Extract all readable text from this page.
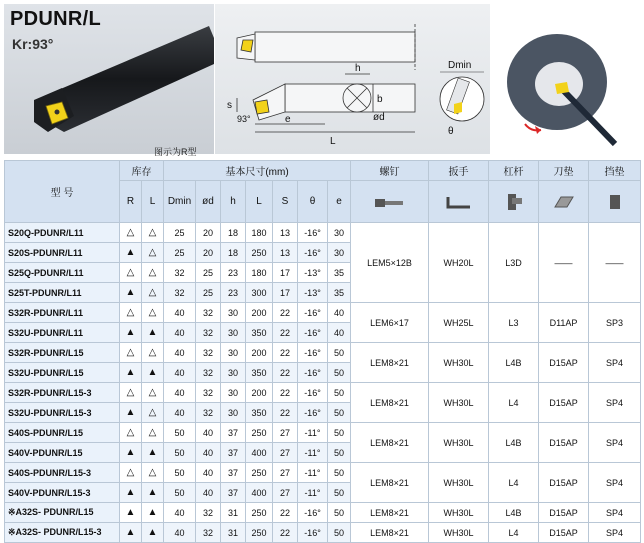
PDUNR/L
Kr:93°
图示为R型
h
b
ød
s
93°	e
L
Dmin
θ
型 号	库存		基本尺寸(mm)							螺钉	扳手	杠杆	刀垫	挡垫
	R	L	Dmin	ød	h	L	S	θ	e	

S20Q-PDUNR/L11	△	△	25	20	18	180	13	-16°	30	LEM5×12B	WH20L	L3D	——	——
S20S-PDUNR/L11	▲	△	25	20	18	250	13	-16°	30					
S25Q-PDUNR/L11	△	△	32	25	23	180	17	-13°	35					
S25T-PDUNR/L11	▲	△	32	25	23	300	17	-13°	35					
S32R-PDUNR/L11	△	△	40	32	30	200	22	-16°	40	LEM6×17	WH25L	L3	D11AP	SP3
S32U-PDUNR/L11	▲	▲	40	32	30	350	22	-16°	40					
S32R-PDUNR/L15	△	△	40	32	30	200	22	-16°	50	LEM8×21	WH30L	L4B	D15AP	SP4
S32U-PDUNR/L15	▲	▲	40	32	30	350	22	-16°	50					
S32R-PDUNR/L15-3	△	△	40	32	30	200	22	-16°	50	LEM8×21	WH30L	L4	D15AP	SP4
S32U-PDUNR/L15-3	▲	△	40	32	30	350	22	-16°	50					
S40S-PDUNR/L15	△	△	50	40	37	250	27	-11°	50	LEM8×21	WH30L	L4B	D15AP	SP4
S40V-PDUNR/L15	▲	▲	50	40	37	400	27	-11°	50					
S40S-PDUNR/L15-3	△	△	50	40	37	250	27	-11°	50	LEM8×21	WH30L	L4	D15AP	SP4
S40V-PDUNR/L15-3	▲	▲	50	40	37	400	27	-11°	50					
※A32S- PDUNR/L15	▲	▲	40	32	31	250	22	-16°	50	LEM8×21	WH30L	L4B	D15AP	SP4
※A32S- PDUNR/L15-3	▲	▲	40	32	31	250	22	-16°	50	LEM8×21	WH30L	L4	D15AP	SP4
